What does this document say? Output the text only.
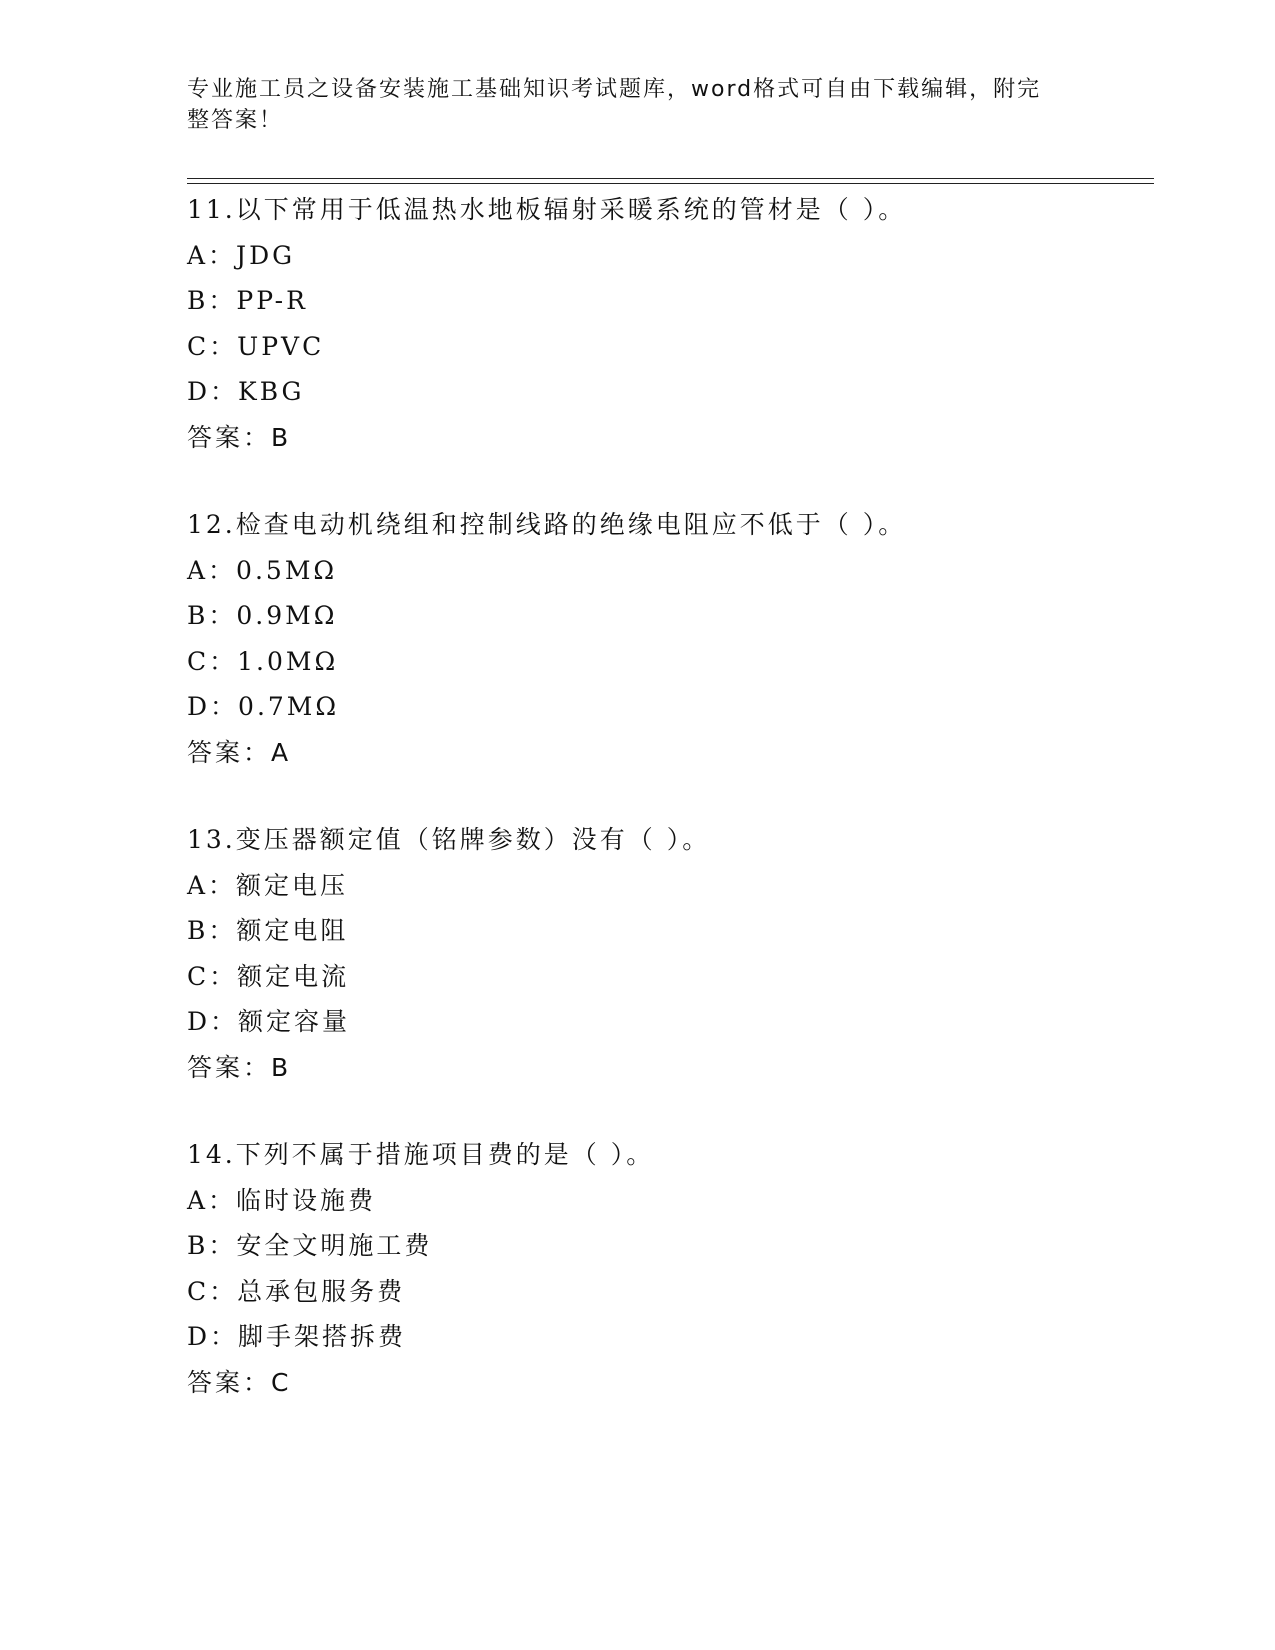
专业施工员之设备安装施工基础知识考试题库，word格式可自由下载编辑，附完
整答案！
11.以下常用于低温热水地板辐射采暖系统的管材是（ ）。
A：JDG
B：PP-R
C：UPVC
D：KBG
答案：B
12.检查电动机绕组和控制线路的绝缘电阻应不低于（ ）。
A：0.5MΩ
B：0.9MΩ
C：1.0MΩ
D：0.7MΩ
答案：A
13.变压器额定值（铭牌参数）没有（ ）。
A：额定电压
B：额定电阻
C：额定电流
D：额定容量
答案：B
14.下列不属于措施项目费的是（ ）。
A：临时设施费
B：安全文明施工费
C：总承包服务费
D：脚手架搭拆费
答案：C
